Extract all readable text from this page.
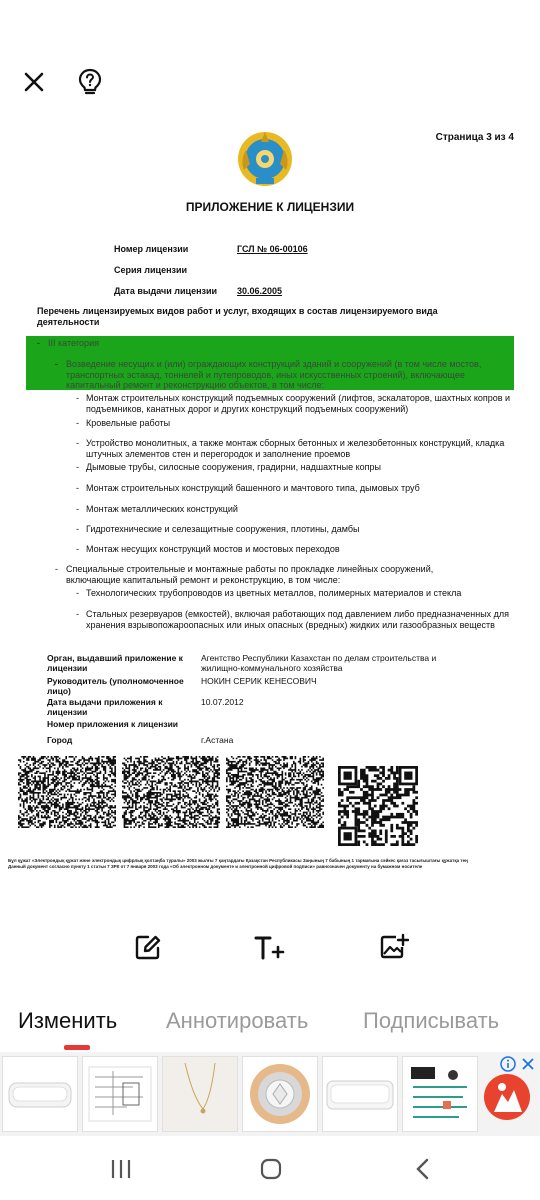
Страница 3 из 4
ПРИЛОЖЕНИЕ К ЛИЦЕНЗИИ
Номер лицензии	ГСЛ № 06-00106
Серия лицензии
Дата выдачи лицензии 30.06.2005
Перечень лицензируемых видов работ и услуг, входящих в состав лицензируемого вида деятельности
- III категория
- Возведение несущих и (или) ограждающих конструкций зданий и сооружений (в том числе мостов, транспортных эстакад, тоннелей и путепроводов, иных искусственных строений), включающее капитальный ремонт и реконструкцию объектов, в том числе:
- Монтаж строительных конструкций подъемных сооружений (лифтов, эскалаторов, шахтных копров и подъемников, канатных дорог и других конструкций подъемных сооружений)
- Кровельные работы
- Устройство монолитных, а также монтаж сборных бетонных и железобетонных конструкций, кладка штучных элементов стен и перегородок и заполнение проемов
- Дымовые трубы, силосные сооружения, градирни, надшахтные копры
- Монтаж строительных конструкций башенного и мачтового типа, дымовых труб
- Монтаж металлических конструкций
- Гидротехнические и селезащитные сооружения, плотины, дамбы
- Монтаж несущих конструкций мостов и мостовых переходов
- Специальные строительные и монтажные работы по прокладке линейных сооружений, включающие капитальный ремонт и реконструкцию, в том числе:
- Технологических трубопроводов из цветных металлов, полимерных материалов и стекла
- Стальных резервуаров (емкостей), включая работающих под давлением либо предназначенных для хранения взрывопожароопасных или иных опасных (вредных) жидких или газообразных веществ
Орган, выдавший приложение к лицензии
Агентство Республики Казахстан по делам строительства и жилищно-коммунального хозяйства
Руководитель (уполномоченное лицо)
НОКИН СЕРИК КЕНЕСОВИЧ
Дата выдачи приложения к лицензии
10.07.2012
Номер приложения к лицензии
Город	г.Астана
Бұл құжат «Электрондық құжат және электрондық цифрлық қолтаңба туралы» 2003 жылғы 7 қаңтардағы Қазақстан Республикасы Заңының 7 бабының 1 тармағына сәйкес қағаз тасығыштағы құжатқа тең
Данный документ согласно пункту 1 статьи 7 ЗРК от 7 января 2003 года «Об электронном документе и электронной цифровой подписи» равнозначен документу на бумажном носителе
Изменить Аннотировать Подписывать
